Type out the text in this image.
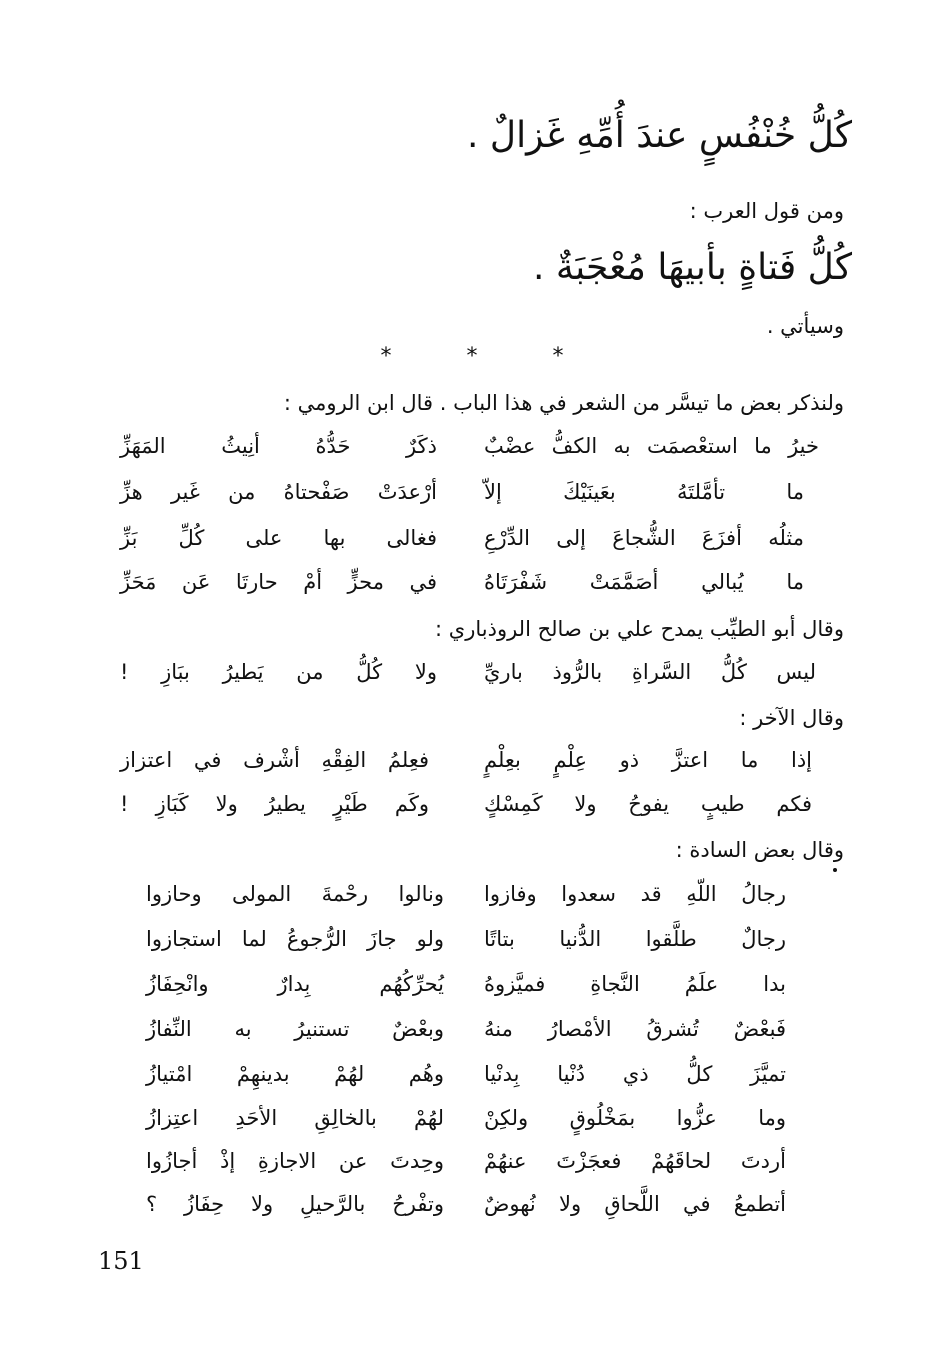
كُلُّ خُنْفُسٍ عندَ أُمِّهِ غَزالٌ .
ومن قول العرب :
كُلُّ فَتاةٍ بأبيهَا مُعْجَبَةٌ .
وسيأتي .
* * *
ولنذكر بعض ما تيسَّر من الشعر في هذا الباب . قال ابن الرومي :
خيرُ ما استعْصمَت به الكفُّ عضْبٌ
ذكَرٌ حَدُّهُ أنِيثُ المَهَزِّ
ما تأمَّلتَهُ بعَينَيْكَ إلاّ
أرْعدَتْ صَفْحتاهُ من غَير هزِّ
مثلُه أفزَعَ الشُّجاعَ إلى الدِّرْعِ
فغالى بها على كُلِّ بَزِّ
ما يُبالي أصَمَّمَتْ شَفْرَتَاهُ
في محزٍّ أمْ حارتَا عَن مَحَزِّ
وقال أبو الطيِّب يمدح علي بن صالح الروذباري :
ليس كُلُّ السَّراةِ بالرُّوذ باريِّ
ولا كُلُّ من يَطيرُ ببَازِ !
وقال الآخر :
إذا ما اعتزَّ ذو عِلْمٍ بعِلْمٍ
فعِلمُ الفِقْهِ أشْرف في اعتزاز
فكم طيبٍ يفوحُ ولا كَمِسْكٍ
وكَم طَيْرٍ يطيرُ ولا كَبَازِ !
وقال بعض السادة :
رجالُ اللّهِ قد سعدوا وفازوا
ونالوا رحْمةَ المولى وحازوا
رجالٌ طلَّقوا الدُّنيا بتاتًا
ولو جازَ الرُّجوعُ لما استجازوا
بدا علَمُ النَّجاةِ فميَّزوهُ
يُحرِّكُهُم بِدارٌ وانْحِفَازُ
فَبعْضٌ تُشرقُ الأمْصارُ منهُ
وبعْضٌ تستنيرُ به النِّفازُ
تميَّزَ كلُّ ذي دُنْيا بِدنْيا
وهُم لهُمْ بدينهِمْ امْتيازُ
وما عزُّوا بمَخْلُوقٍ ولكِنْ
لهُمْ بالخالِقِ الأحَدِ اعتِزازُ
أردتَ لحاقَهُمْ فعجَزْتَ عنهُمْ
وحِدتَ عن الاجازةِ إذْ أجازُوا
أتطمعُ في اللَّحاقِ ولا نُهوضٌ
وتفْرحُ بالرَّحيلِ ولا حِفَازُ ؟
151
